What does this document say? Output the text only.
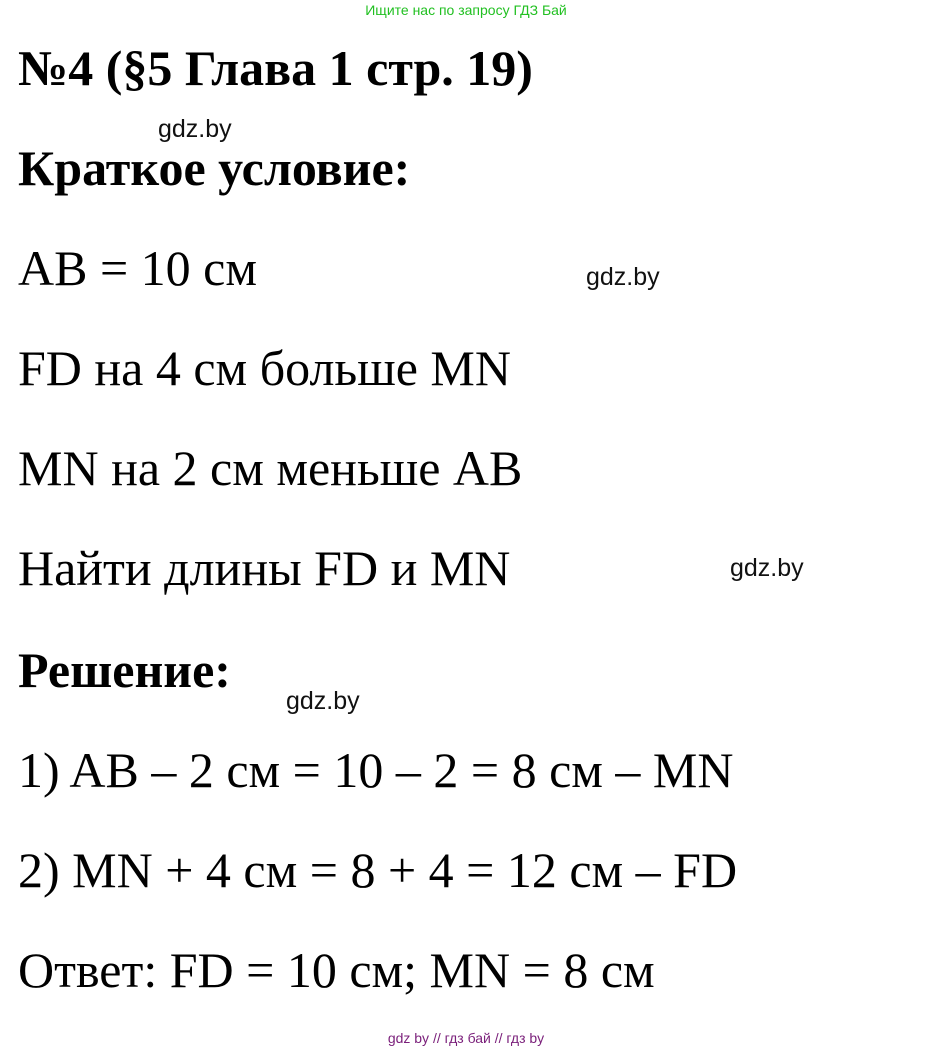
Ищите нас по запросу ГДЗ Бай
№4 (§5 Глава 1 стр. 19)
gdz.by
Краткое условие:
AB = 10 см	gdz.by
FD на 4 см больше MN
MN на 2 см меньше AB
Найти длины FD и MN	gdz.by
Решение:
gdz.by
1) AB – 2 см = 10 – 2 = 8 см – MN
2) MN + 4 см = 8 + 4 = 12 см – FD
Ответ: FD = 10 см; MN = 8 см
gdz by // гдз бай // гдз by
